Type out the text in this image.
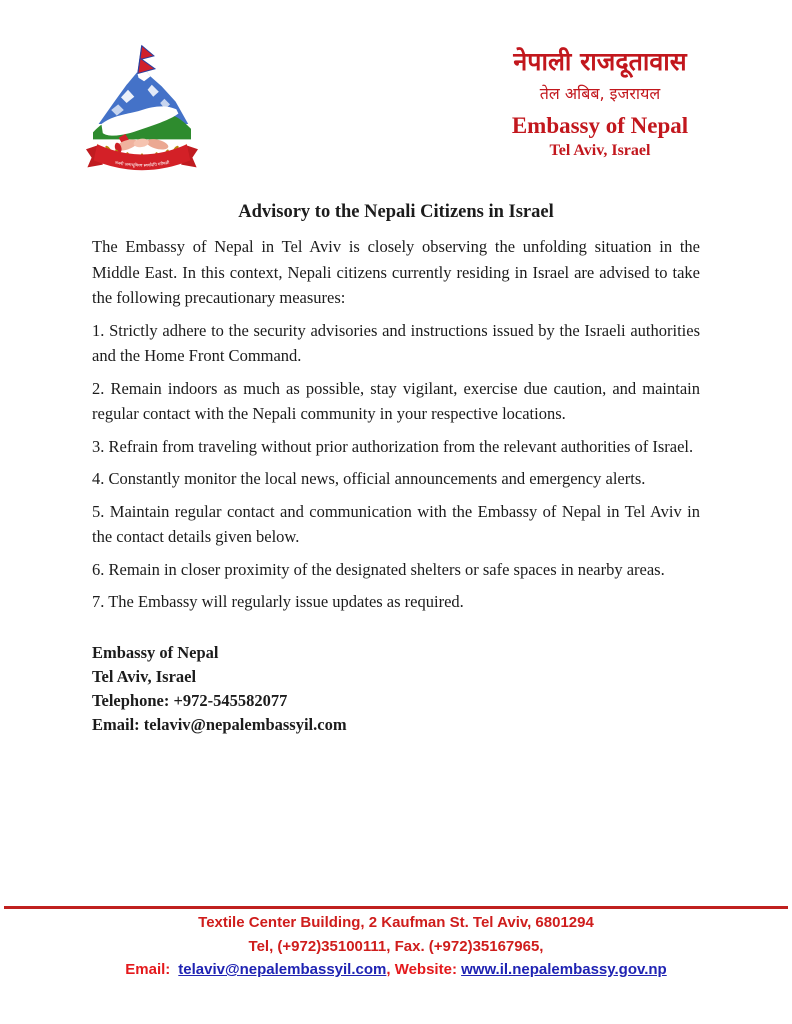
जननी जन्मभूमिश्च स्वर्गादपि गरीयसी
नेपाली राजदूतावास
तेल अबिब, इजरायल
Embassy of Nepal
Tel Aviv, Israel
Advisory to the Nepali Citizens in Israel

The Embassy of Nepal in Tel Aviv is closely observing the unfolding situation in the Middle East. In this context, Nepali citizens currently residing in Israel are advised to take the following precautionary measures:

1. Strictly adhere to the security advisories and instructions issued by the Israeli authorities and the Home Front Command.

2. Remain indoors as much as possible, stay vigilant, exercise due caution, and maintain regular contact with the Nepali community in your respective locations.

3. Refrain from traveling without prior authorization from the relevant authorities of Israel.

4. Constantly monitor the local news, official announcements and emergency alerts.

5. Maintain regular contact and communication with the Embassy of Nepal in Tel Aviv in the contact details given below.

6. Remain in closer proximity of the designated shelters or safe spaces in nearby areas.

7. The Embassy will regularly issue updates as required.

Embassy of Nepal
Tel Aviv, Israel
Telephone: +972-545582077
Email: telaviv@nepalembassyil.com
Textile Center Building, 2 Kaufman St. Tel Aviv, 6801294
Tel, (+972)35100111, Fax. (+972)35167965,
Email: telaviv@nepalembassyil.com, Website: www.il.nepalembassy.gov.np
